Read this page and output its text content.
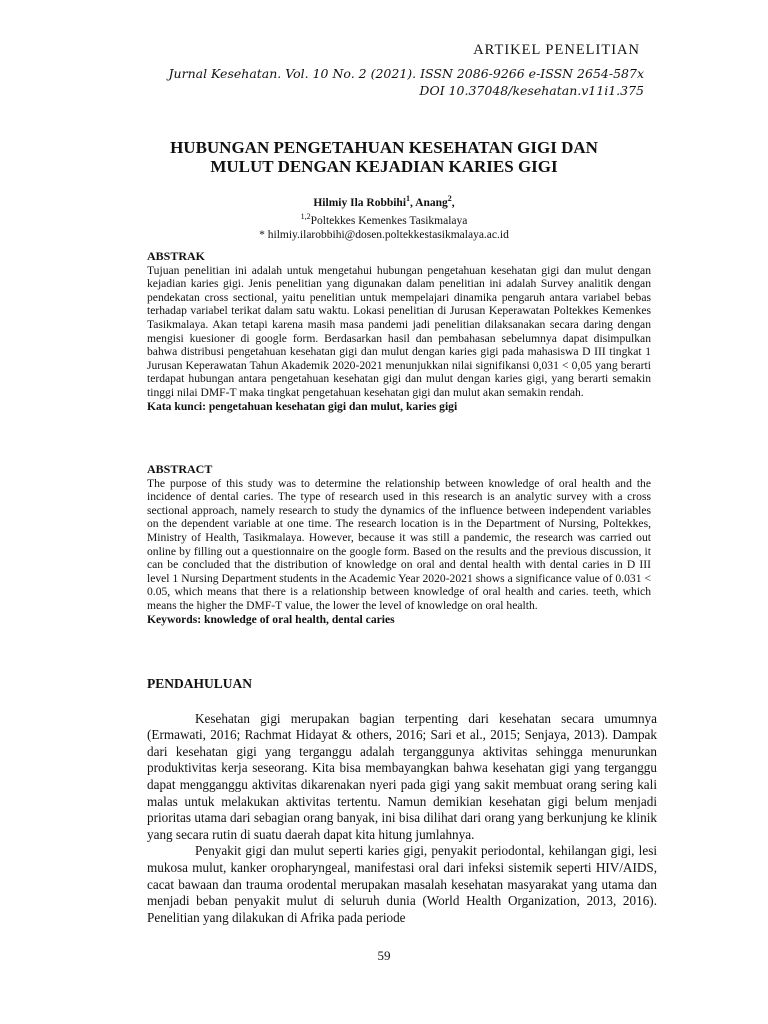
ARTIKEL PENELITIAN
Jurnal Kesehatan. Vol. 10 No. 2 (2021). ISSN 2086-9266 e-ISSN 2654-587x
DOI 10.37048/kesehatan.v11i1.375
HUBUNGAN PENGETAHUAN KESEHATAN GIGI DAN
MULUT DENGAN KEJADIAN KARIES GIGI
Hilmiy Ila Robbihi$^1$, Anang$^2$,
$^{1,2}$Poltekkes Kemenkes Tasikmalaya
* hilmiy.ilarobbihi@dosen.poltekkestasikmalaya.ac.id
ABSTRAK

Tujuan penelitian ini adalah untuk mengetahui hubungan pengetahuan kesehatan gigi dan mulut dengan kejadian karies gigi. Jenis penelitian yang digunakan dalam penelitian ini adalah Survey analitik dengan pendekatan cross sectional, yaitu penelitian untuk mempelajari dinamika pengaruh antara variabel bebas terhadap variabel terikat dalam satu waktu. Lokasi penelitian di Jurusan Keperawatan Poltekkes Kemenkes Tasikmalaya. Akan tetapi karena masih masa pandemi jadi penelitian dilaksanakan secara daring dengan mengisi kuesioner di google form. Berdasarkan hasil dan pembahasan sebelumnya dapat disimpulkan bahwa distribusi pengetahuan kesehatan gigi dan mulut dengan karies gigi pada mahasiswa D III tingkat 1 Jurusan Keperawatan Tahun Akademik 2020-2021 menunjukkan nilai signifikansi 0,031 < 0,05 yang berarti terdapat hubungan antara pengetahuan kesehatan gigi dan mulut dengan karies gigi, yang berarti semakin tinggi nilai DMF-T maka tingkat pengetahuan kesehatan gigi dan mulut akan semakin rendah.

Kata kunci: pengetahuan kesehatan gigi dan mulut, karies gigi

ABSTRACT

The purpose of this study was to determine the relationship between knowledge of oral health and the incidence of dental caries. The type of research used in this research is an analytic survey with a cross sectional approach, namely research to study the dynamics of the influence between independent variables on the dependent variable at one time. The research location is in the Department of Nursing, Poltekkes, Ministry of Health, Tasikmalaya. However, because it was still a pandemic, the research was carried out online by filling out a questionnaire on the google form. Based on the results and the previous discussion, it can be concluded that the distribution of knowledge on oral and dental health with dental caries in D III level 1 Nursing Department students in the Academic Year 2020-2021 shows a significance value of 0.031 < 0.05, which means that there is a relationship between knowledge of oral health and caries. teeth, which means the higher the DMF-T value, the lower the level of knowledge on oral health.

Keywords: knowledge of oral health, dental caries

PENDAHULUAN

Kesehatan gigi merupakan bagian terpenting dari kesehatan secara umumnya (Ermawati, 2016; Rachmat Hidayat & others, 2016; Sari et al., 2015; Senjaya, 2013). Dampak dari kesehatan gigi yang terganggu adalah terganggunya aktivitas sehingga menurunkan produktivitas kerja seseorang. Kita bisa membayangkan bahwa kesehatan gigi yang terganggu dapat mengganggu aktivitas dikarenakan nyeri pada gigi yang sakit membuat orang sering kali malas untuk melakukan aktivitas tertentu. Namun demikian kesehatan gigi belum menjadi prioritas utama dari sebagian orang banyak, ini bisa dilihat dari orang yang berkunjung ke klinik yang secara rutin di suatu daerah dapat kita hitung jumlahnya.

Penyakit gigi dan mulut seperti karies gigi, penyakit periodontal, kehilangan gigi, lesi mukosa mulut, kanker oropharyngeal, manifestasi oral dari infeksi sistemik seperti HIV/AIDS, cacat bawaan dan trauma orodental merupakan masalah kesehatan masyarakat yang utama dan menjadi beban penyakit mulut di seluruh dunia (World Health Organization, 2013, 2016). Penelitian yang dilakukan di Afrika pada periode

59
